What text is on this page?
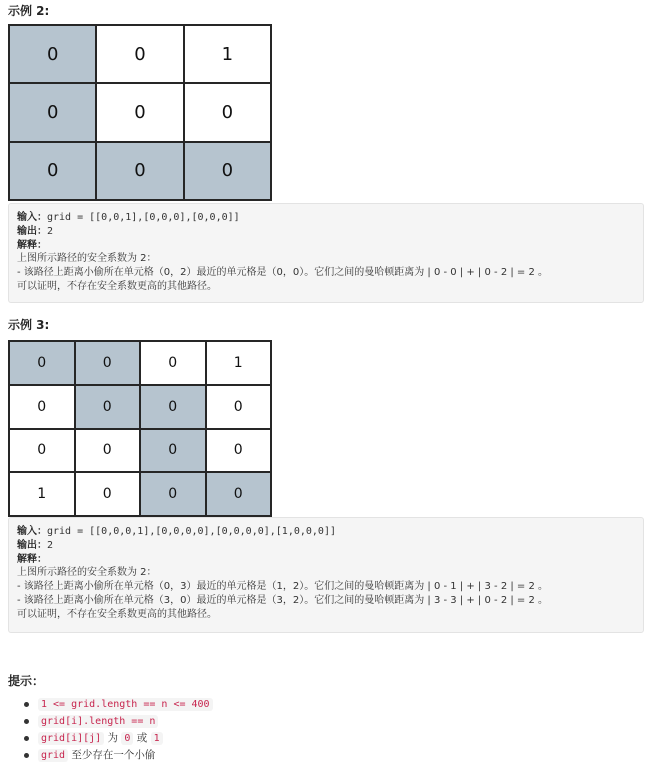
示例 2:
0	0	1
0	0	0
0	0	0
输入：grid = [[0,0,1],[0,0,0],[0,0,0]]
输出：2
解释：
上图所示路径的安全系数为 2：
- 该路径上距离小偷所在单元格（0，2）最近的单元格是（0，0）。它们之间的曼哈顿距离为 | 0 - 0 | + | 0 - 2 | = 2 。
可以证明，不存在安全系数更高的其他路径。
示例 3:
0	0	0	1
0	0	0	0
0	0	0	0
1	0	0	0
输入：grid = [[0,0,0,1],[0,0,0,0],[0,0,0,0],[1,0,0,0]]
输出：2
解释：
上图所示路径的安全系数为 2：
- 该路径上距离小偷所在单元格（0，3）最近的单元格是（1，2）。它们之间的曼哈顿距离为 | 0 - 1 | + | 3 - 2 | = 2 。
- 该路径上距离小偷所在单元格（3，0）最近的单元格是（3，2）。它们之间的曼哈顿距离为 | 3 - 3 | + | 0 - 2 | = 2 。
可以证明，不存在安全系数更高的其他路径。
提示：
1 <= grid.length == n <= 400
grid[i].length == n
grid[i][j] 为 0 或 1
grid 至少存在一个小偷
